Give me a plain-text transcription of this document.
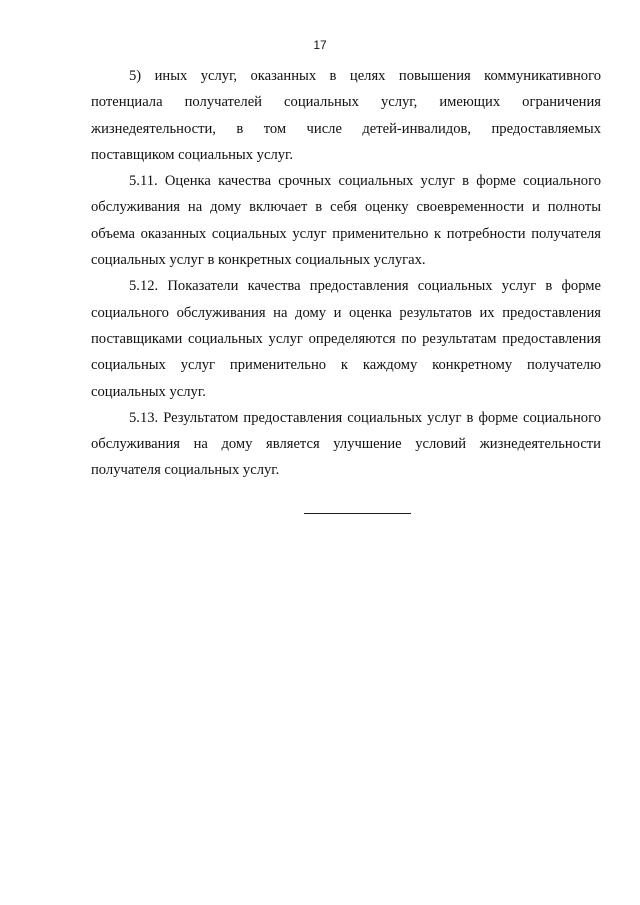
17

5) иных услуг, оказанных в целях повышения коммуникативного потенциала получателей социальных услуг, имеющих ограничения жизнедеятельности, в том числе детей-инвалидов, предоставляемых поставщиком социальных услуг.

5.11. Оценка качества срочных социальных услуг в форме социального обслуживания на дому включает в себя оценку своевременности и полноты объема оказанных социальных услуг применительно к потребности получателя социальных услуг в конкретных социальных услугах.

5.12. Показатели качества предоставления социальных услуг в форме социального обслуживания на дому и оценка результатов их предоставления поставщиками социальных услуг определяются по результатам предоставления социальных услуг применительно к каждому конкретному получателю социальных услуг.

5.13. Результатом предоставления социальных услуг в форме социального обслуживания на дому является улучшение условий жизнедеятельности получателя социальных услуг.
